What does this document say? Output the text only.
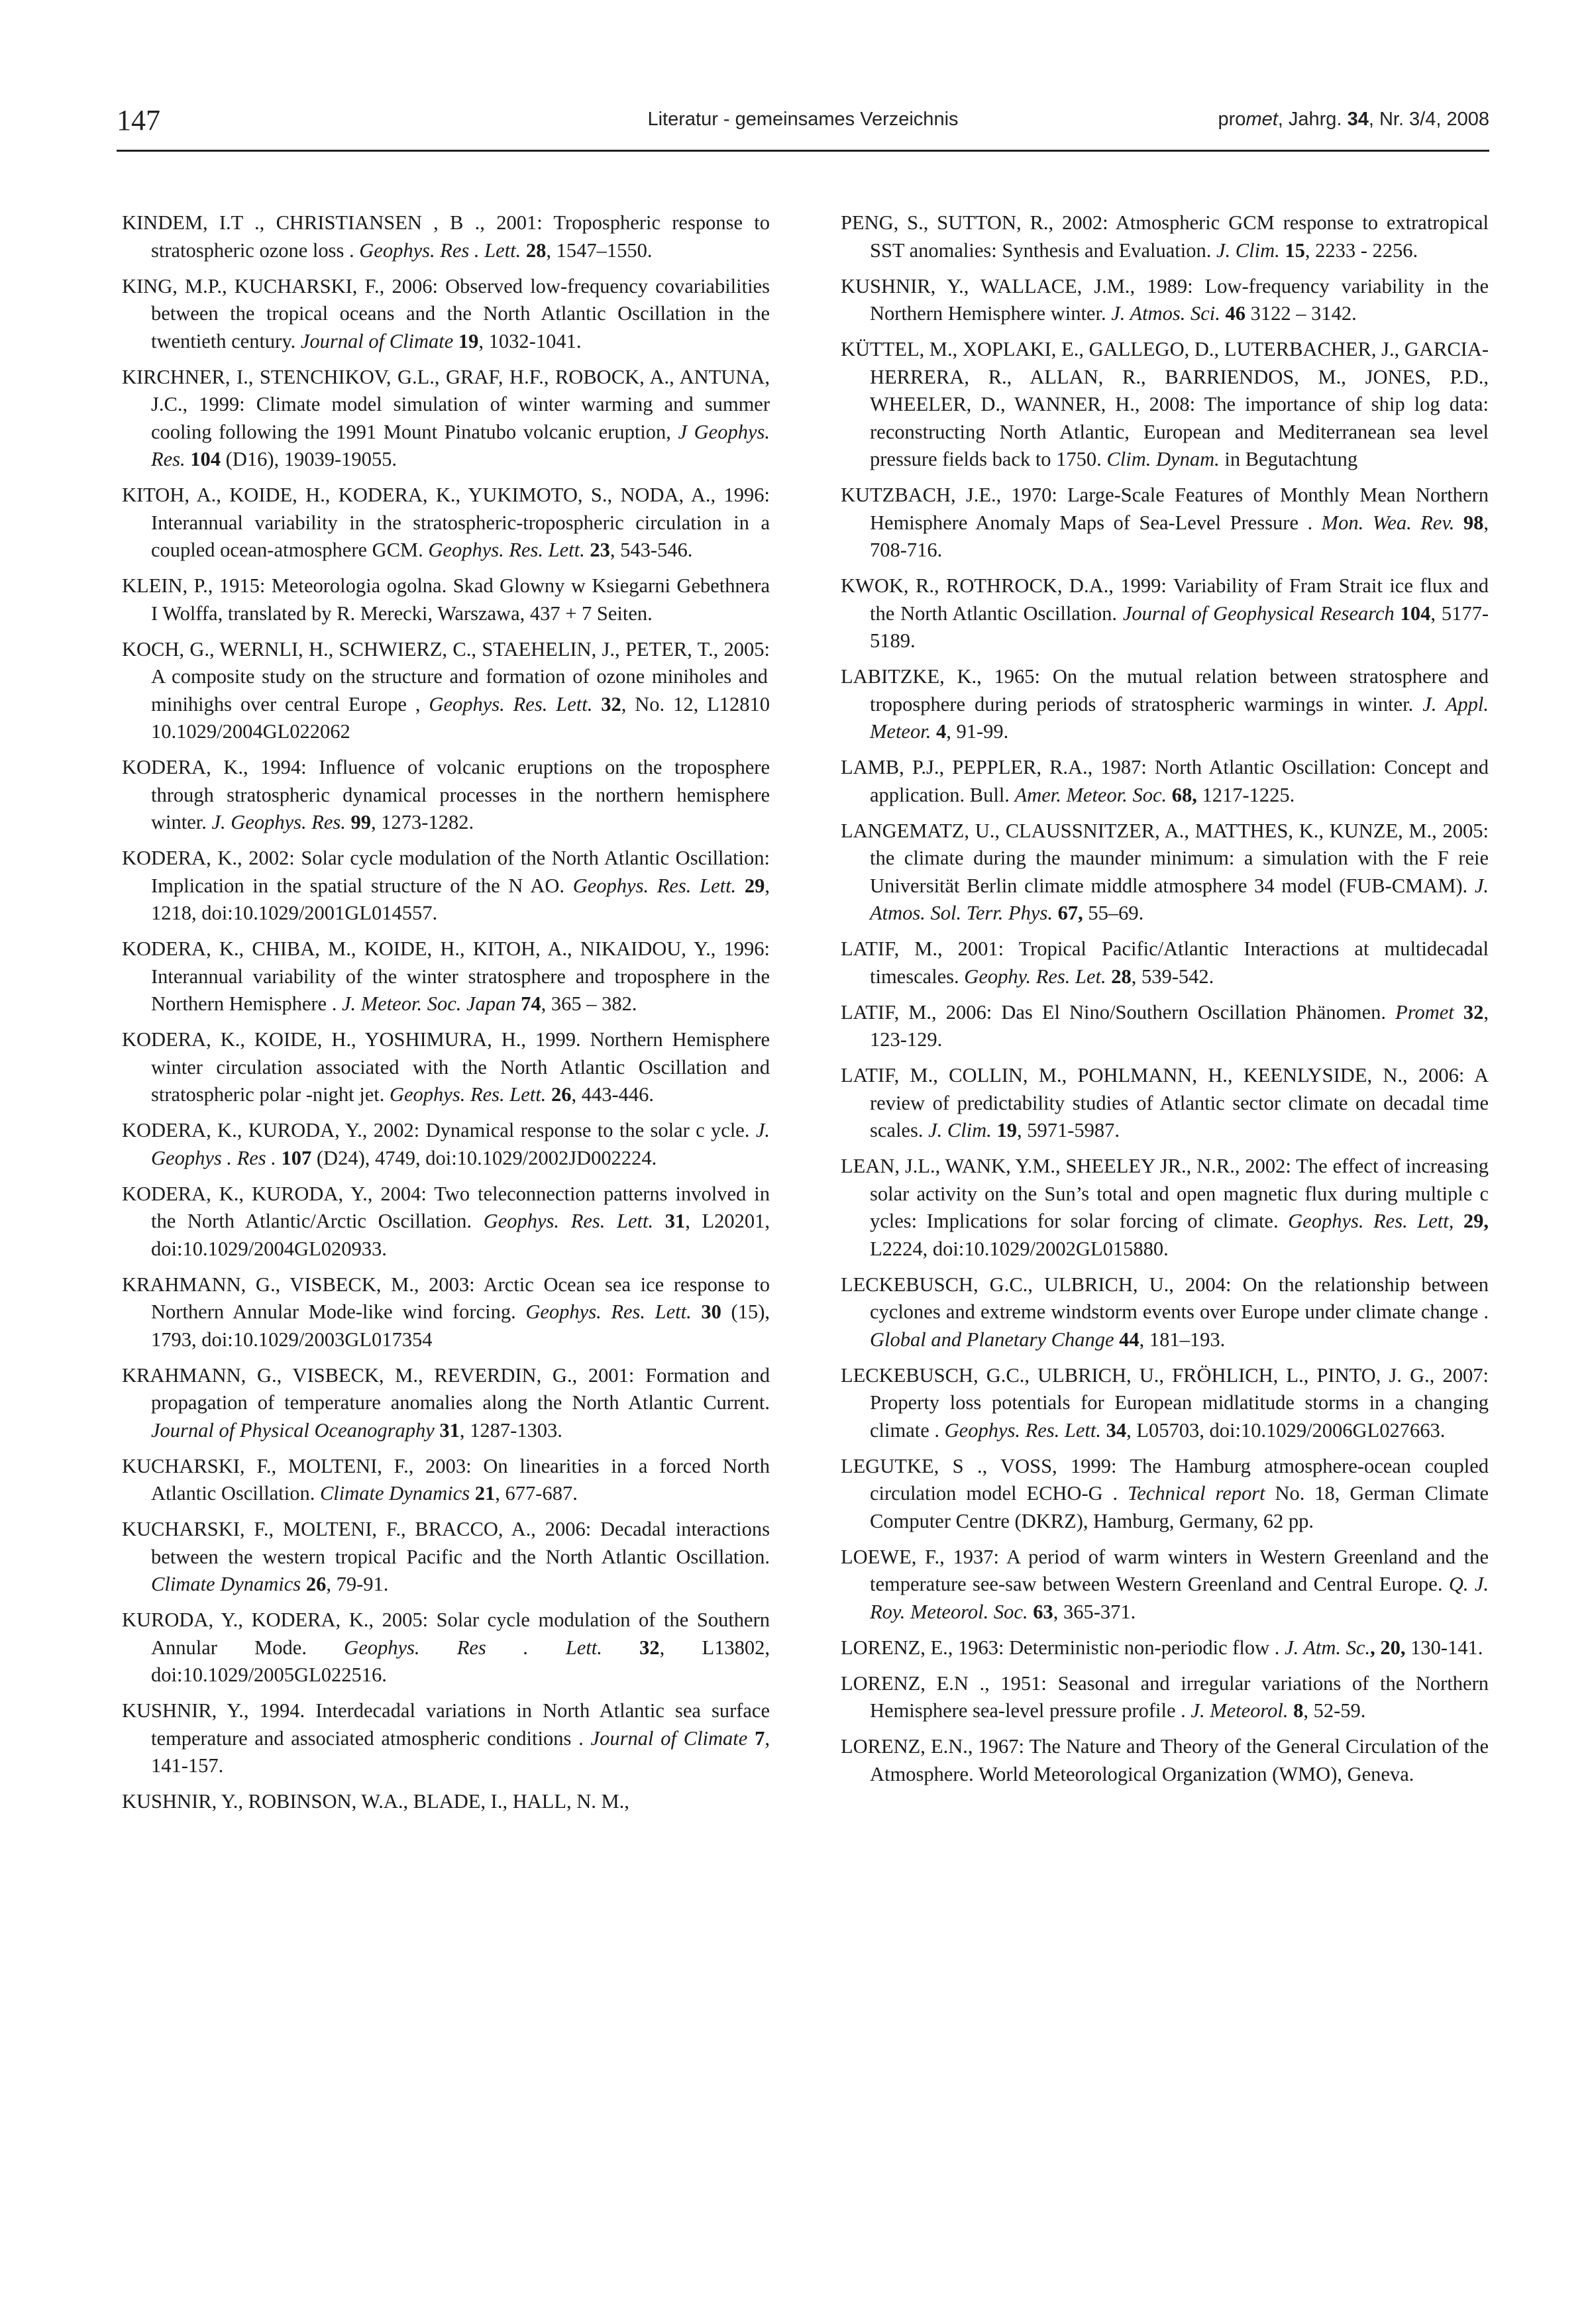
147	Literatur - gemeinsames Verzeichnis	promet, Jahrg. 34, Nr. 3/4, 2008

KINDEM, I.T ., CHRISTIANSEN , B ., 2001: Tropospheric response to stratospheric ozone loss . Geophys. Res . Lett. 28, 1547–1550.

KING, M.P., KUCHARSKI, F., 2006: Observed low-frequency covariabilities between the tropical oceans and the North Atlantic Oscillation in the twentieth century. Journal of Climate 19, 1032-1041.

KIRCHNER, I., STENCHIKOV, G.L., GRAF, H.F., ROBOCK, A., ANTUNA, J.C., 1999: Climate model simulation of winter warming and summer cooling following the 1991 Mount Pinatubo volcanic eruption, J Geophys. Res. 104 (D16), 19039-19055.

KITOH, A., KOIDE, H., KODERA, K., YUKIMOTO, S., NODA, A., 1996: Interannual variability in the stratospheric-tropospheric circulation in a coupled ocean-atmosphere GCM. Geophys. Res. Lett. 23, 543-546.

KLEIN, P., 1915: Meteorologia ogolna. Skad Glowny w Ksiegarni Gebethnera I Wolffa, translated by R. Merecki, Warszawa, 437 + 7 Seiten.

KOCH, G., WERNLI, H., SCHWIERZ, C., STAEHELIN, J., PETER, T., 2005: A composite study on the structure and formation of ozone miniholes and minihighs over central Europe , Geophys. Res. Lett. 32, No. 12, L12810 10.1029/2004GL022062

KODERA, K., 1994: Influence of volcanic eruptions on the troposphere through stratospheric dynamical processes in the northern hemisphere winter. J. Geophys. Res. 99, 1273-1282.

KODERA, K., 2002: Solar cycle modulation of the North Atlantic Oscillation: Implication in the spatial structure of the N AO. Geophys. Res. Lett. 29, 1218, doi:10.1029/2001GL014557.

KODERA, K., CHIBA, M., KOIDE, H., KITOH, A., NIKAIDOU, Y., 1996: Interannual variability of the winter stratosphere and troposphere in the Northern Hemisphere . J. Meteor. Soc. Japan 74, 365 – 382.

KODERA, K., KOIDE, H., YOSHIMURA, H., 1999. Northern Hemisphere winter circulation associated with the North Atlantic Oscillation and stratospheric polar -night jet. Geophys. Res. Lett. 26, 443-446.

KODERA, K., KURODA, Y., 2002: Dynamical response to the solar c ycle. J. Geophys . Res . 107 (D24), 4749, doi:10.1029/2002JD002224.

KODERA, K., KURODA, Y., 2004: Two teleconnection patterns involved in the North Atlantic/Arctic Oscillation. Geophys. Res. Lett. 31, L20201, doi:10.1029/2004GL020933.

KRAHMANN, G., VISBECK, M., 2003: Arctic Ocean sea ice response to Northern Annular Mode-like wind forcing. Geophys. Res. Lett. 30 (15), 1793, doi:10.1029/2003GL017354

KRAHMANN, G., VISBECK, M., REVERDIN, G., 2001: Formation and propagation of temperature anomalies along the North Atlantic Current. Journal of Physical Oceanography 31, 1287-1303.

KUCHARSKI, F., MOLTENI, F., 2003: On linearities in a forced North Atlantic Oscillation. Climate Dynamics 21, 677-687.

KUCHARSKI, F., MOLTENI, F., BRACCO, A., 2006: Decadal interactions between the western tropical Pacific and the North Atlantic Oscillation. Climate Dynamics 26, 79-91.

KURODA, Y., KODERA, K., 2005: Solar cycle modulation of the Southern Annular Mode. Geophys. Res . Lett. 32, L13802, doi:10.1029/2005GL022516.

KUSHNIR, Y., 1994. Interdecadal variations in North Atlantic sea surface temperature and associated atmospheric conditions . Journal of Climate 7, 141-157.

KUSHNIR, Y., ROBINSON, W.A., BLADE, I., HALL, N. M.,

PENG, S., SUTTON, R., 2002: Atmospheric GCM response to extratropical SST anomalies: Synthesis and Evaluation. J. Clim. 15, 2233 - 2256.

KUSHNIR, Y., WALLACE, J.M., 1989: Low-frequency variability in the Northern Hemisphere winter. J. Atmos. Sci. 46 3122 – 3142.

KÜTTEL, M., XOPLAKI, E., GALLEGO, D., LUTERBACHER, J., GARCIA-HERRERA, R., ALLAN, R., BARRIENDOS, M., JONES, P.D., WHEELER, D., WANNER, H., 2008: The importance of ship log data: reconstructing North Atlantic, European and Mediterranean sea level pressure fields back to 1750. Clim. Dynam. in Begutachtung

KUTZBACH, J.E., 1970: Large-Scale Features of Monthly Mean Northern Hemisphere Anomaly Maps of Sea-Level Pressure . Mon. Wea. Rev. 98, 708-716.

KWOK, R., ROTHROCK, D.A., 1999: Variability of Fram Strait ice flux and the North Atlantic Oscillation. Journal of Geophysical Research 104, 5177-5189.

LABITZKE, K., 1965: On the mutual relation between stratosphere and troposphere during periods of stratospheric warmings in winter. J. Appl. Meteor. 4, 91-99.

LAMB, P.J., PEPPLER, R.A., 1987: North Atlantic Oscillation: Concept and application. Bull. Amer. Meteor. Soc. 68, 1217-1225.

LANGEMATZ, U., CLAUSSNITZER, A., MATTHES, K., KUNZE, M., 2005: the climate during the maunder minimum: a simulation with the F reie Universität Berlin climate middle atmosphere 34 model (FUB-CMAM). J. Atmos. Sol. Terr. Phys. 67, 55–69.

LATIF, M., 2001: Tropical Pacific/Atlantic Interactions at multidecadal timescales. Geophy. Res. Let. 28, 539-542.

LATIF, M., 2006: Das El Nino/Southern Oscillation Phänomen. Promet 32, 123-129.

LATIF, M., COLLIN, M., POHLMANN, H., KEENLYSIDE, N., 2006: A review of predictability studies of Atlantic sector climate on decadal time scales. J. Clim. 19, 5971-5987.

LEAN, J.L., WANK, Y.M., SHEELEY JR., N.R., 2002: The effect of increasing solar activity on the Sun’s total and open magnetic flux during multiple c ycles: Implications for solar forcing of climate. Geophys. Res. Lett, 29, L2224, doi:10.1029/2002GL015880.

LECKEBUSCH, G.C., ULBRICH, U., 2004: On the relationship between cyclones and extreme windstorm events over Europe under climate change . Global and Planetary Change 44, 181–193.

LECKEBUSCH, G.C., ULBRICH, U., FRÖHLICH, L., PINTO, J. G., 2007: Property loss potentials for European midlatitude storms in a changing climate . Geophys. Res. Lett. 34, L05703, doi:10.1029/2006GL027663.

LEGUTKE, S ., VOSS, 1999: The Hamburg atmosphere-ocean coupled circulation model ECHO-G . Technical report No. 18, German Climate Computer Centre (DKRZ), Hamburg, Germany, 62 pp.

LOEWE, F., 1937: A period of warm winters in Western Greenland and the temperature see-saw between Western Greenland and Central Europe. Q. J. Roy. Meteorol. Soc. 63, 365-371.

LORENZ, E., 1963: Deterministic non-periodic flow . J. Atm. Sc., 20, 130-141.

LORENZ, E.N ., 1951: Seasonal and irregular variations of the Northern Hemisphere sea-level pressure profile . J. Meteorol. 8, 52-59.

LORENZ, E.N., 1967: The Nature and Theory of the General Circulation of the Atmosphere. World Meteorological Organization (WMO), Geneva.
